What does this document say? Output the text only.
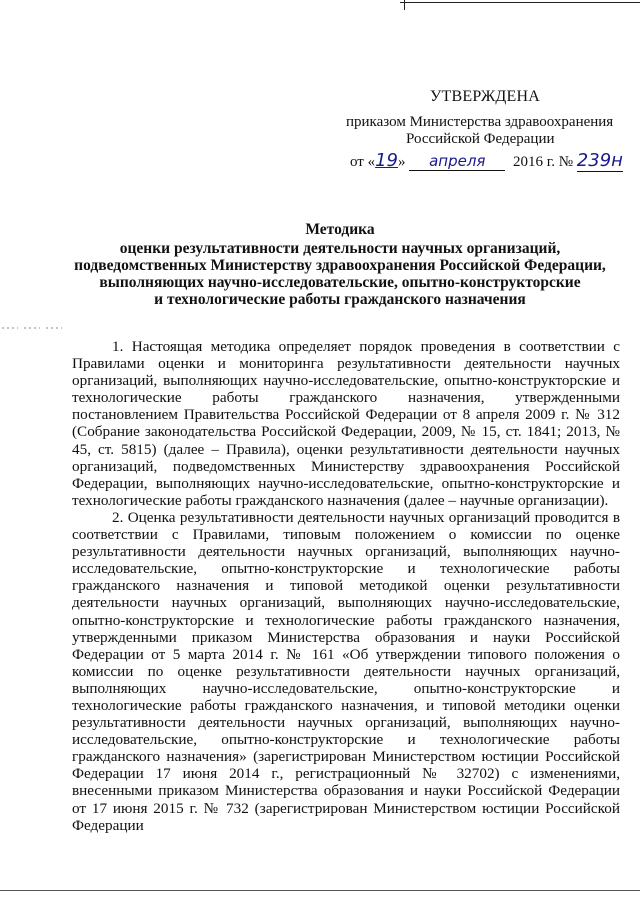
УТВЕРЖДЕНА
приказом Министерства здравоохранения
Российской Федерации
от «19» апреля 2016 г. № 239н
Методика
оценки результативности деятельности научных организаций,
подведомственных Министерству здравоохранения Российской Федерации,
выполняющих научно-исследовательские, опытно-конструкторские
и технологические работы гражданского назначения

1. Настоящая методика определяет порядок проведения в соответствии с Правилами оценки и мониторинга результативности деятельности научных организаций, выполняющих научно-исследовательские, опытно-конструкторские и технологические работы гражданского назначения, утвержденными постановлением Правительства Российской Федерации от 8 апреля 2009 г. № 312 (Собрание законодательства Российской Федерации, 2009, № 15, ст. 1841; 2013, № 45, ст. 5815) (далее – Правила), оценки результативности деятельности научных организаций, подведомственных Министерству здравоохранения Российской Федерации, выполняющих научно-исследовательские, опытно-конструкторские и технологические работы гражданского назначения (далее – научные организации).

2. Оценка результативности деятельности научных организаций проводится в соответствии с Правилами, типовым положением о комиссии по оценке результативности деятельности научных организаций, выполняющих научно-исследовательские, опытно-конструкторские и технологические работы гражданского назначения и типовой методикой оценки результативности деятельности научных организаций, выполняющих научно-исследовательские, опытно-конструкторские и технологические работы гражданского назначения, утвержденными приказом Министерства образования и науки Российской Федерации от 5 марта 2014 г. № 161 «Об утверждении типового положения о комиссии по оценке результативности деятельности научных организаций, выполняющих научно-исследовательские, опытно-конструкторские и технологические работы гражданского назначения, и типовой методики оценки результативности деятельности научных организаций, выполняющих научно-исследовательские, опытно-конструкторские и технологические работы гражданского назначения» (зарегистрирован Министерством юстиции Российской Федерации 17 июня 2014 г., регистрационный № 32702) с изменениями, внесенными приказом Министерства образования и науки Российской Федерации от 17 июня 2015 г. № 732 (зарегистрирован Министерством юстиции Российской Федерации
